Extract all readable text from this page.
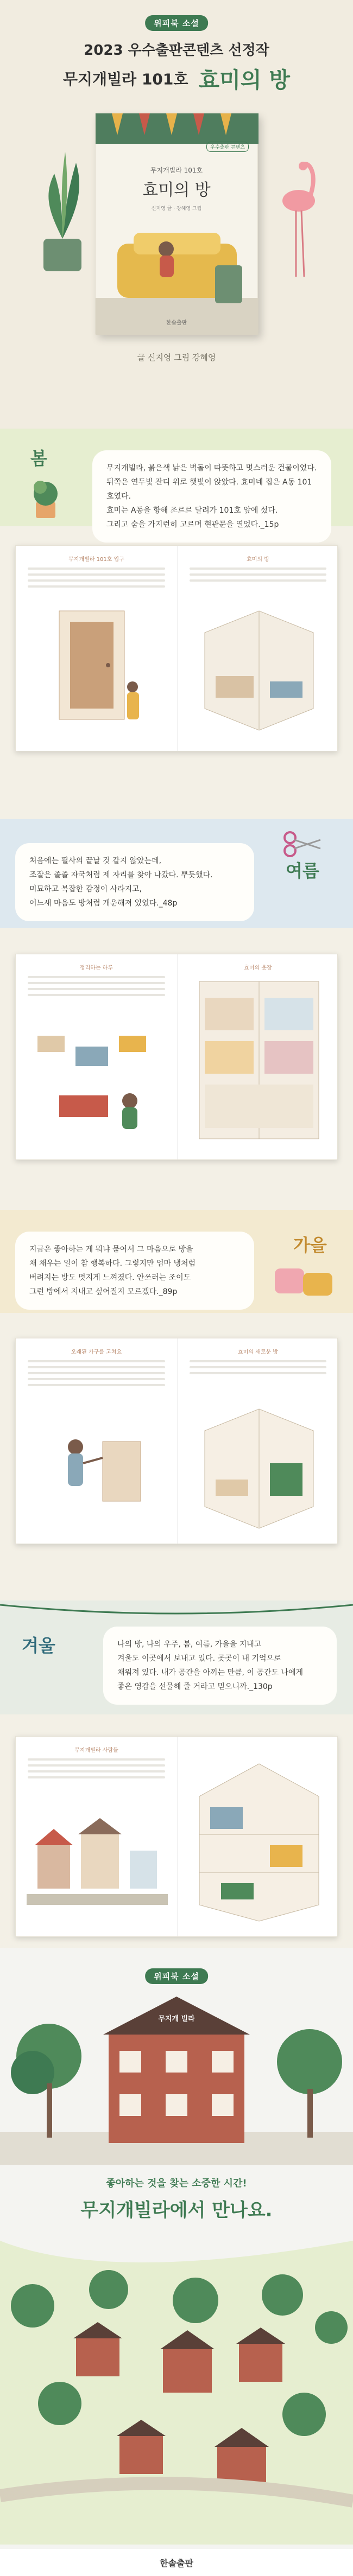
위피북 소설
2023 우수출판콘텐츠 선정작
무지개빌라 101호 효미의 방
우수출판 콘텐츠
무지개빌라 101호
효미의 방
신지영 글 · 강혜영 그림
한솔출판
글 신지영 그림 강혜영
봄	무지개빌라, 붉은색 낡은 벽돌이 따뜻하고 멋스러운 건물이었다.
뒤쪽은 연두빛 잔디 위로 햇빛이 앉았다. 효미네 집은 A동 101호였다.
효미는 A동을 향해 조르르 달려가 101호 앞에 섰다.
그리고 숨을 가지런히 고르며 현관문을 열었다._15p

무지개빌라 101호 입구	효미의 방

처음에는 필사의 끝날 것 같지 않았는데,
조잘은 졸졸 자국처럼 제 자리를 찾아 나갔다. 뿌듯했다.
미묘하고 복잡한 감정이 사라지고,
어느새 마음도 방처럼 개운해져 있었다._48p

여름
정리하는 하루	효미의 옷장

지금은 좋아하는 게 뭐냐 묻어서 그 마음으로 방을
채 채우는 일이 참 행복하다. 그렇지만 엄마 냉처럼
버려지는 방도 멋지게 느껴졌다. 안쓰러는 조이도
그런 방에서 지내고 싶어질지 모르겠다._89p

가을
오래된 가구를 고쳐요	효미의 새로운 방
겨울	나의 방, 나의 우주, 봄, 여름, 가을을 지내고
겨울도 이곳에서 보내고 있다. 곳곳이 내 기억으로
채워져 있다. 내가 공간을 아끼는 만큼, 이 공간도 나에게
좋은 영감을 선물해 줄 거라고 믿으니까._130p

무지개빌라 사람들
위피북 소설
무지개 빌라
좋아하는 것을 찾는 소중한 시간!
무지개빌라에서 만나요.
한솔출판
